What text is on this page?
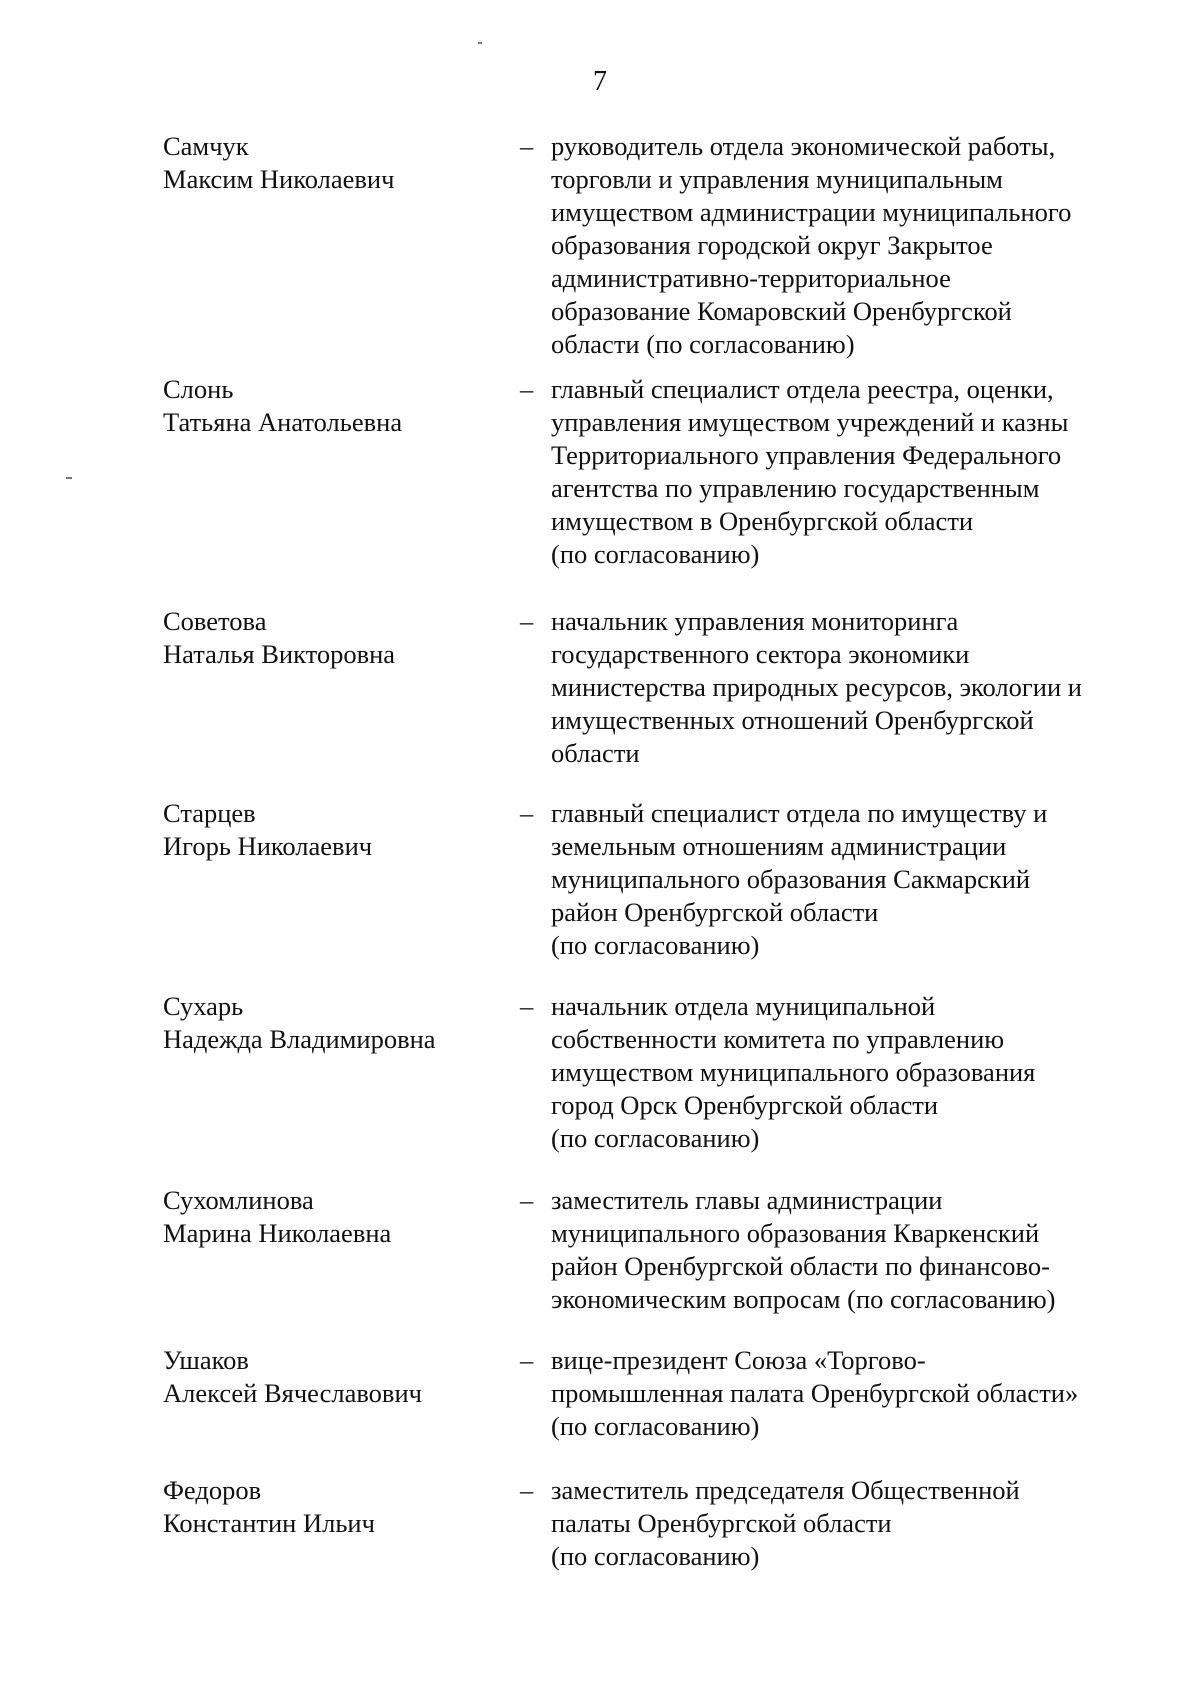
7
Самчук
Максим Николаевич
– руководитель отдела экономической работы,
торговли и управления муниципальным
имуществом администрации муниципального
образования городской округ Закрытое
административно-территориальное
образование Комаровский Оренбургской
области (по согласованию)
Слонь
Татьяна Анатольевна
– главный специалист отдела реестра, оценки,
управления имуществом учреждений и казны
Территориального управления Федерального
агентства по управлению государственным
имуществом в Оренбургской области
(по согласованию)
Советова
Наталья Викторовна
– начальник управления мониторинга
государственного сектора экономики
министерства природных ресурсов, экологии и
имущественных отношений Оренбургской
области
Старцев
Игорь Николаевич
– главный специалист отдела по имуществу и
земельным отношениям администрации
муниципального образования Сакмарский
район Оренбургской области
(по согласованию)
Сухарь
Надежда Владимировна
– начальник отдела муниципальной
собственности комитета по управлению
имуществом муниципального образования
город Орск Оренбургской области
(по согласованию)
Сухомлинова
Марина Николаевна
– заместитель главы администрации
муниципального образования Кваркенский
район Оренбургской области по финансово-
экономическим вопросам (по согласованию)
Ушаков
Алексей Вячеславович
– вице-президент Союза «Торгово-
промышленная палата Оренбургской области»
(по согласованию)
Федоров
Константин Ильич
– заместитель председателя Общественной
палаты Оренбургской области
(по согласованию)
